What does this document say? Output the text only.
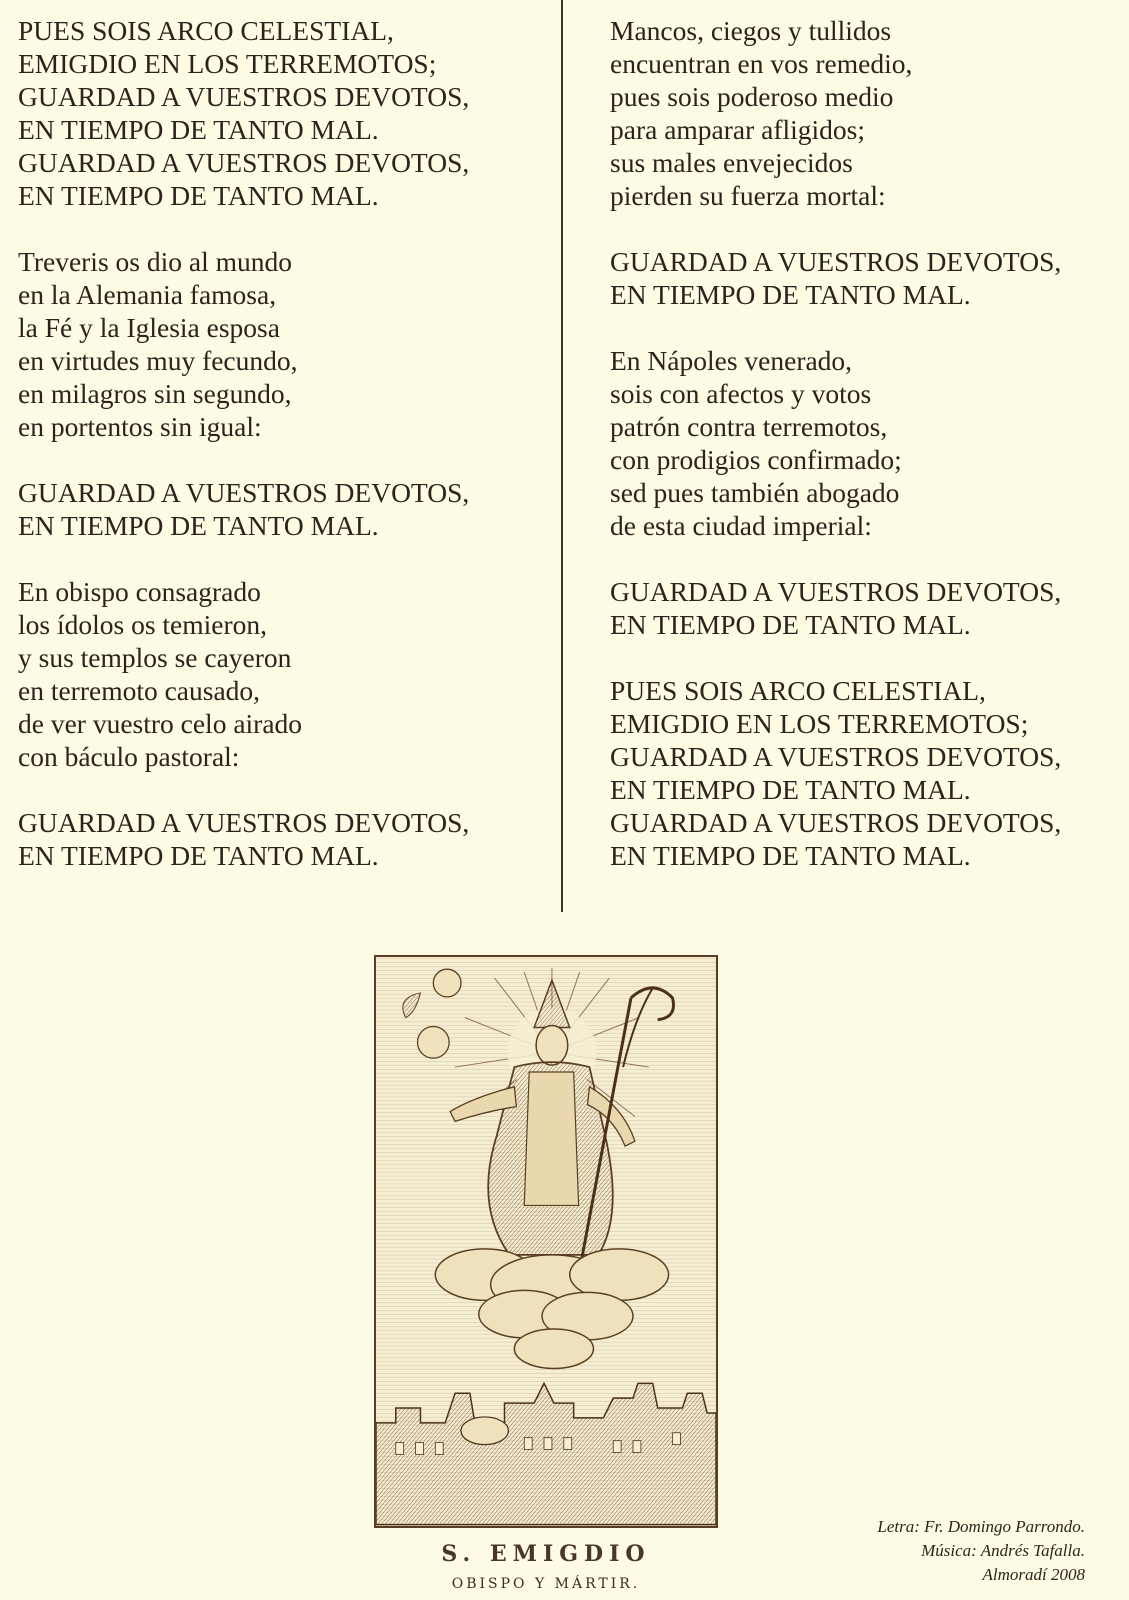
PUES SOIS ARCO CELESTIAL,
EMIGDIO EN LOS TERREMOTOS;
GUARDAD A VUESTROS DEVOTOS,
EN TIEMPO DE TANTO MAL.
GUARDAD A VUESTROS DEVOTOS,
EN TIEMPO DE TANTO MAL.
Treveris os dio al mundo
en la Alemania famosa,
la Fé y la Iglesia esposa
en virtudes muy fecundo,
en milagros sin segundo,
en portentos sin igual:
GUARDAD A VUESTROS DEVOTOS,
EN TIEMPO DE TANTO MAL.
En obispo consagrado
los ídolos os temieron,
y sus templos se cayeron
en terremoto causado,
de ver vuestro celo airado
con báculo pastoral:
GUARDAD A VUESTROS DEVOTOS,
EN TIEMPO DE TANTO MAL.
Mancos, ciegos y tullidos
encuentran en vos remedio,
pues sois poderoso medio
para amparar afligidos;
sus males envejecidos
pierden su fuerza mortal:
GUARDAD A VUESTROS DEVOTOS,
EN TIEMPO DE TANTO MAL.
En Nápoles venerado,
sois con afectos y votos
patrón contra terremotos,
con prodigios confirmado;
sed pues también abogado
de esta ciudad imperial:
GUARDAD A VUESTROS DEVOTOS,
EN TIEMPO DE TANTO MAL.
PUES SOIS ARCO CELESTIAL,
EMIGDIO EN LOS TERREMOTOS;
GUARDAD A VUESTROS DEVOTOS,
EN TIEMPO DE TANTO MAL.
GUARDAD A VUESTROS DEVOTOS,
EN TIEMPO DE TANTO MAL.
S. EMIGDIO
OBISPO Y MÁRTIR.
Letra: Fr. Domingo Parrondo.
Música: Andrés Tafalla.
Almoradí 2008
